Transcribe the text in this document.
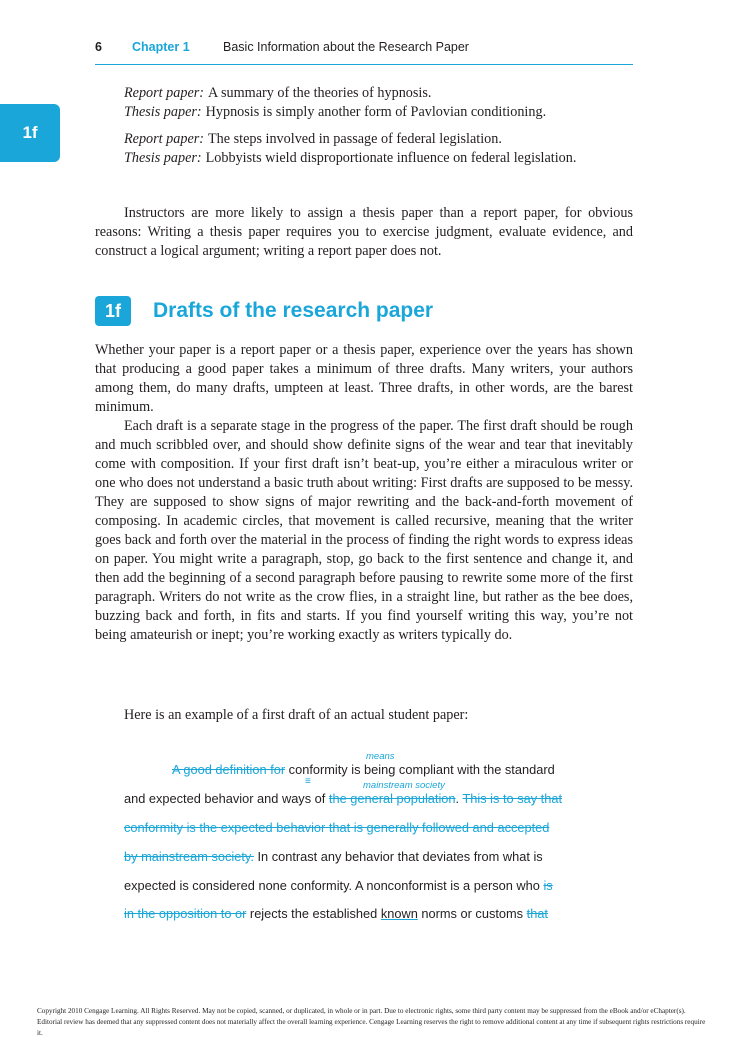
6 Chapter 1	Basic Information about the Research Paper
1f
Report paper: A summary of the theories of hypnosis.
Thesis paper: Hypnosis is simply another form of Pavlovian conditioning.
Report paper: The steps involved in passage of federal legislation.
Thesis paper: Lobbyists wield disproportionate influence on federal legislation.

Instructors are more likely to assign a thesis paper than a report paper, for obvious reasons: Writing a thesis paper requires you to exercise judgment, evaluate evidence, and construct a logical argument; writing a report paper does not.

1f	Drafts of the research paper

Whether your paper is a report paper or a thesis paper, experience over the years has shown that producing a good paper takes a minimum of three drafts. Many writers, your authors among them, do many drafts, umpteen at least. Three drafts, in other words, are the barest minimum.

Each draft is a separate stage in the progress of the paper. The first draft should be rough and much scribbled over, and should show definite signs of the wear and tear that inevitably come with composition. If your first draft isn’t beat-up, you’re either a miraculous writer or one who does not understand a basic truth about writing: First drafts are supposed to be messy. They are supposed to show signs of major rewriting and the back-and-forth movement of composing. In academic circles, that movement is called recursive, meaning that the writer goes back and forth over the material in the process of finding the right words to express ideas on paper. You might write a paragraph, stop, go back to the first sentence and change it, and then add the beginning of a second paragraph before pausing to rewrite some more of the first paragraph. Writers do not write as the crow flies, in a straight line, but rather as the bee does, buzzing back and forth, in fits and starts. If you find yourself writing this way, you’re not being amateurish or inept; you’re working exactly as writers typically do.

Here is an example of a first draft of an actual student paper:

means
≡	mainstream society
A good definition for conformity is being compliant with the standard
and expected behavior and ways of the general population. This is to say that
conformity is the expected behavior that is generally followed and accepted
by mainstream society. In contrast any behavior that deviates from what is
expected is considered none conformity. A nonconformist is a person who is
in the opposition to or rejects the established known norms or customs that
Copyright 2010 Cengage Learning. All Rights Reserved. May not be copied, scanned, or duplicated, in whole or in part. Due to electronic rights, some third party content may be suppressed from the eBook and/or eChapter(s). Editorial review has deemed that any suppressed content does not materially affect the overall learning experience. Cengage Learning reserves the right to remove additional content at any time if subsequent rights restrictions require it.
